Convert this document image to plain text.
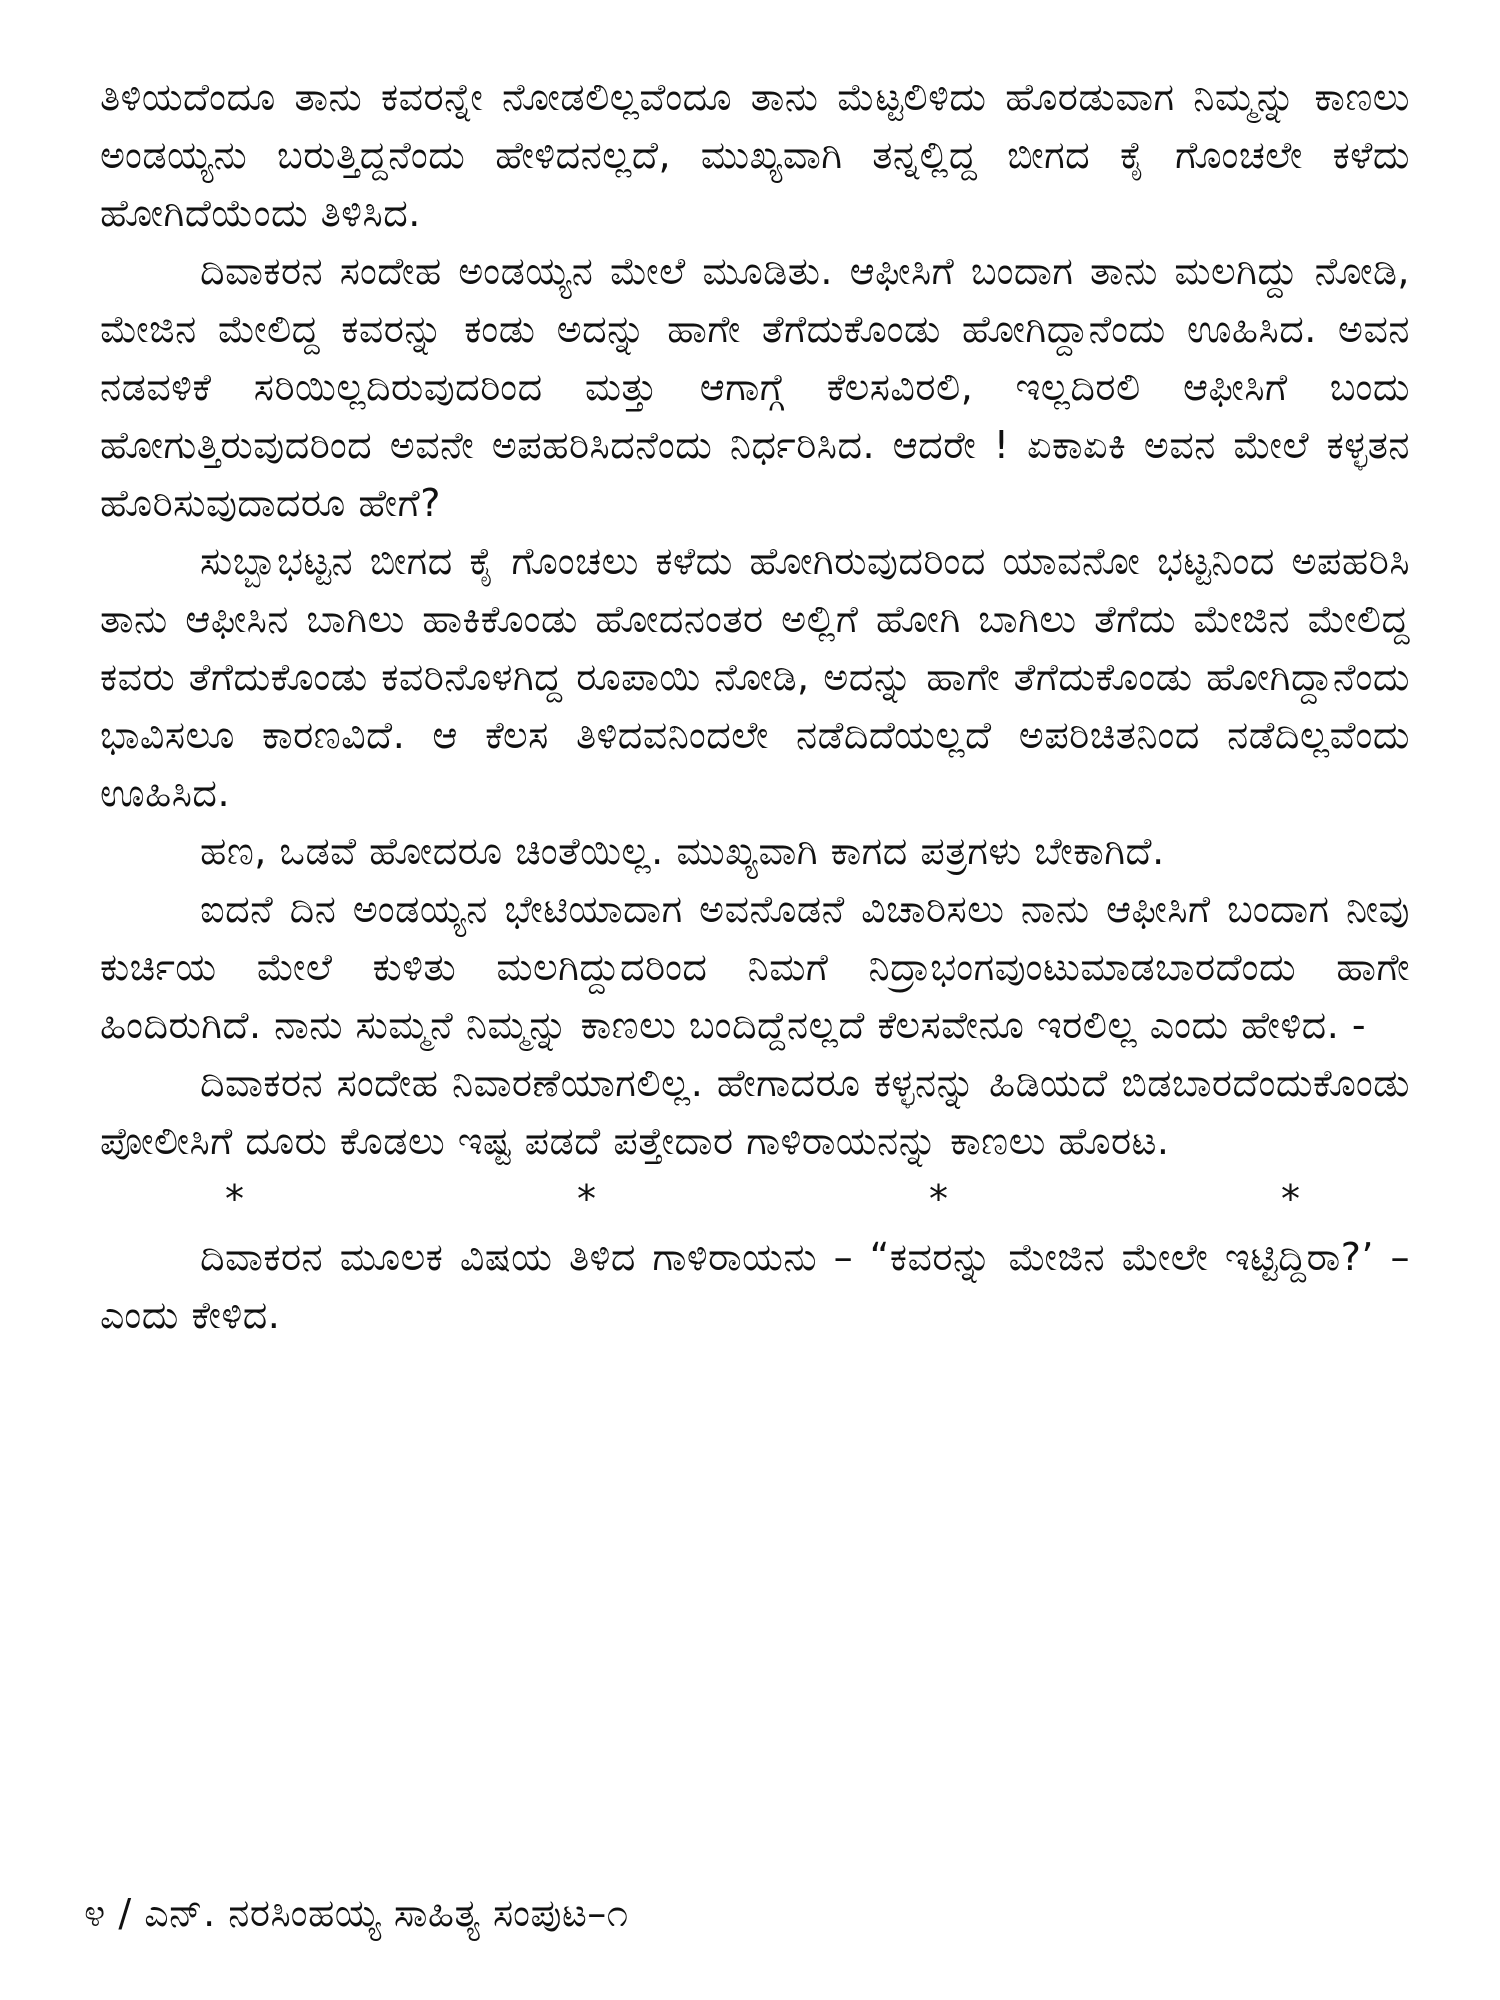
ತಿಳಿಯದೆಂದೂ ತಾನು ಕವರನ್ನೇ ನೋಡಲಿಲ್ಲವೆಂದೂ ತಾನು ಮೆಟ್ಟಲಿಳಿದು ಹೊರಡುವಾಗ ನಿಮ್ಮನ್ನು ಕಾಣಲು ಅಂಡಯ್ಯನು ಬರುತ್ತಿದ್ದನೆಂದು ಹೇಳಿದನಲ್ಲದೆ, ಮುಖ್ಯವಾಗಿ ತನ್ನಲ್ಲಿದ್ದ ಬೀಗದ ಕೈ ಗೊಂಚಲೇ ಕಳೆದು ಹೋಗಿದೆಯೆಂದು ತಿಳಿಸಿದ.

ದಿವಾಕರನ ಸಂದೇಹ ಅಂಡಯ್ಯನ ಮೇಲೆ ಮೂಡಿತು. ಆಫೀಸಿಗೆ ಬಂದಾಗ ತಾನು ಮಲಗಿದ್ದು ನೋಡಿ, ಮೇಜಿನ ಮೇಲಿದ್ದ ಕವರನ್ನು ಕಂಡು ಅದನ್ನು ಹಾಗೇ ತೆಗೆದುಕೊಂಡು ಹೋಗಿದ್ದಾನೆಂದು ಊಹಿಸಿದ. ಅವನ ನಡವಳಿಕೆ ಸರಿಯಿಲ್ಲದಿರುವುದರಿಂದ ಮತ್ತು ಆಗಾಗ್ಗೆ ಕೆಲಸವಿರಲಿ, ಇಲ್ಲದಿರಲಿ ಆಫೀಸಿಗೆ ಬಂದು ಹೋಗುತ್ತಿರುವುದರಿಂದ ಅವನೇ ಅಪಹರಿಸಿದನೆಂದು ನಿರ್ಧರಿಸಿದ. ಆದರೇ ! ಏಕಾಏಕಿ ಅವನ ಮೇಲೆ ಕಳ್ಳತನ ಹೊರಿಸುವುದಾದರೂ ಹೇಗೆ?

ಸುಬ್ಬಾಭಟ್ಟನ ಬೀಗದ ಕೈ ಗೊಂಚಲು ಕಳೆದು ಹೋಗಿರುವುದರಿಂದ ಯಾವನೋ ಭಟ್ಟನಿಂದ ಅಪಹರಿಸಿ ತಾನು ಆಫೀಸಿನ ಬಾಗಿಲು ಹಾಕಿಕೊಂಡು ಹೋದನಂತರ ಅಲ್ಲಿಗೆ ಹೋಗಿ ಬಾಗಿಲು ತೆಗೆದು ಮೇಜಿನ ಮೇಲಿದ್ದ ಕವರು ತೆಗೆದುಕೊಂಡು ಕವರಿನೊಳಗಿದ್ದ ರೂಪಾಯಿ ನೋಡಿ, ಅದನ್ನು ಹಾಗೇ ತೆಗೆದುಕೊಂಡು ಹೋಗಿದ್ದಾನೆಂದು ಭಾವಿಸಲೂ ಕಾರಣವಿದೆ. ಆ ಕೆಲಸ ತಿಳಿದವನಿಂದಲೇ ನಡೆದಿದೆಯಲ್ಲದೆ ಅಪರಿಚಿತನಿಂದ ನಡೆದಿಲ್ಲವೆಂದು ಊಹಿಸಿದ.

ಹಣ, ಒಡವೆ ಹೋದರೂ ಚಿಂತೆಯಿಲ್ಲ. ಮುಖ್ಯವಾಗಿ ಕಾಗದ ಪತ್ರಗಳು ಬೇಕಾಗಿದೆ.

ಐದನೆ ದಿನ ಅಂಡಯ್ಯನ ಭೇಟಿಯಾದಾಗ ಅವನೊಡನೆ ವಿಚಾರಿಸಲು ನಾನು ಆಫೀಸಿಗೆ ಬಂದಾಗ ನೀವು ಕುರ್ಚಿಯ ಮೇಲೆ ಕುಳಿತು ಮಲಗಿದ್ದುದರಿಂದ ನಿಮಗೆ ನಿದ್ರಾಭಂಗವುಂಟುಮಾಡಬಾರದೆಂದು ಹಾಗೇ ಹಿಂದಿರುಗಿದೆ. ನಾನು ಸುಮ್ಮನೆ ನಿಮ್ಮನ್ನು ಕಾಣಲು ಬಂದಿದ್ದೆನಲ್ಲದೆ ಕೆಲಸವೇನೂ ಇರಲಿಲ್ಲ ಎಂದು ಹೇಳಿದ. -

ದಿವಾಕರನ ಸಂದೇಹ ನಿವಾರಣೆಯಾಗಲಿಲ್ಲ. ಹೇಗಾದರೂ ಕಳ್ಳನನ್ನು ಹಿಡಿಯದೆ ಬಿಡಬಾರದೆಂದುಕೊಂಡು ಪೋಲೀಸಿಗೆ ದೂರು ಕೊಡಲು ಇಷ್ಟ ಪಡದೆ ಪತ್ತೇದಾರ ಗಾಳಿರಾಯನನ್ನು ಕಾಣಲು ಹೊರಟ.

*	*	*	*

ದಿವಾಕರನ ಮೂಲಕ ವಿಷಯ ತಿಳಿದ ಗಾಳಿರಾಯನು – “ಕವರನ್ನು ಮೇಜಿನ ಮೇಲೇ ಇಟ್ಟಿದ್ದಿರಾ?’ – ಎಂದು ಕೇಳಿದ.

೪ / ಎನ್. ನರಸಿಂಹಯ್ಯ ಸಾಹಿತ್ಯ ಸಂಪುಟ–೧
